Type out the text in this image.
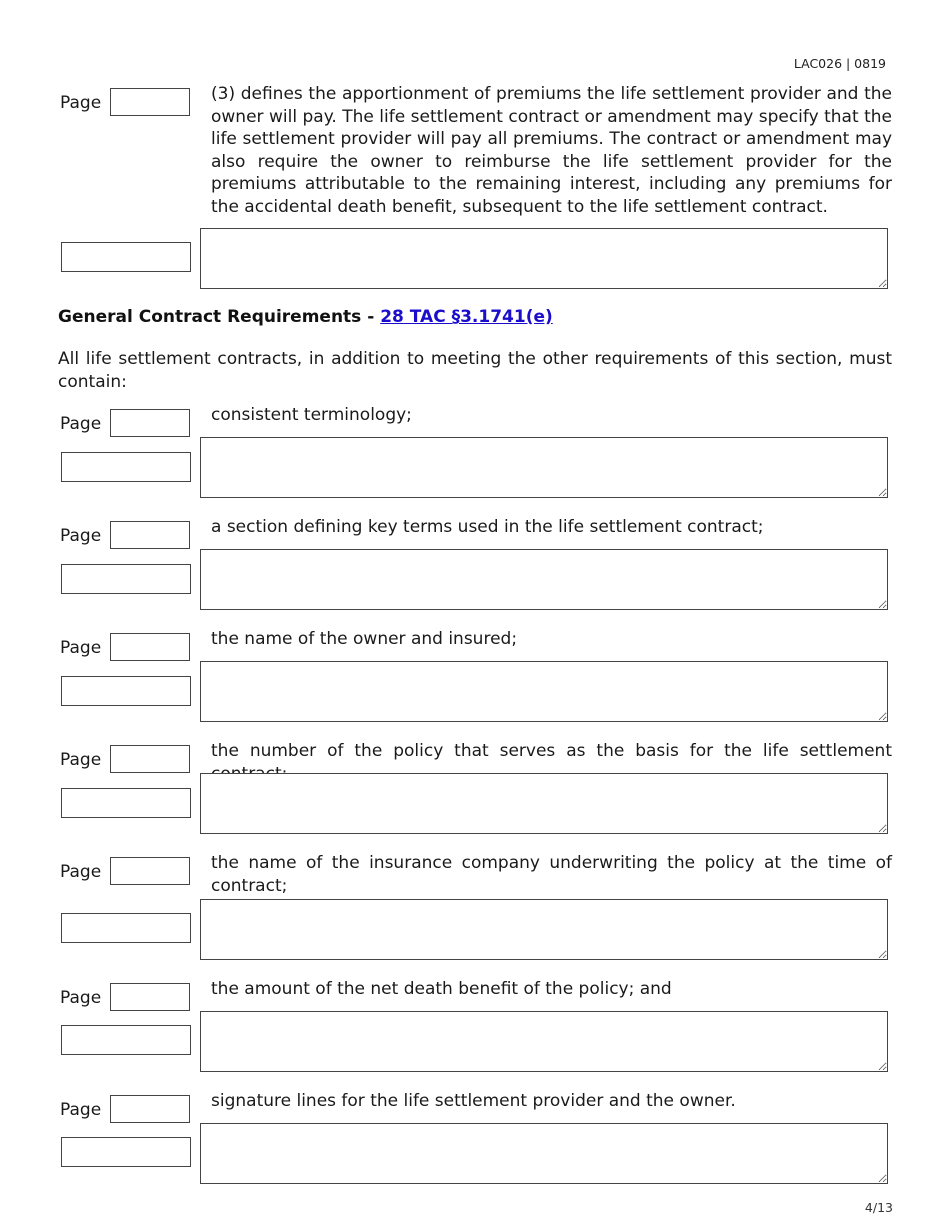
LAC026 | 0819
Page	(3) defines the apportionment of premiums the life settlement provider and the owner will pay. The life settlement contract or amendment may specify that the life settlement provider will pay all premiums. The contract or amendment may also require the owner to reimburse the life settlement provider for the premiums attributable to the remaining interest, including any premiums for the accidental death benefit, subsequent to the life settlement contract.

General Contract Requirements - 28 TAC §3.1741(e)

All life settlement contracts, in addition to meeting the other requirements of this section, must contain:

Page	consistent terminology;

Page	a section defining key terms used in the life settlement contract;

Page	the name of the owner and insured;

Page	the number of the policy that serves as the basis for the life settlement

Page	the name of the insurance company underwriting the policy at the time of contract;

Page	the amount of the net death benefit of the policy; and

Page	signature lines for the life settlement provider and the owner.

4/13
